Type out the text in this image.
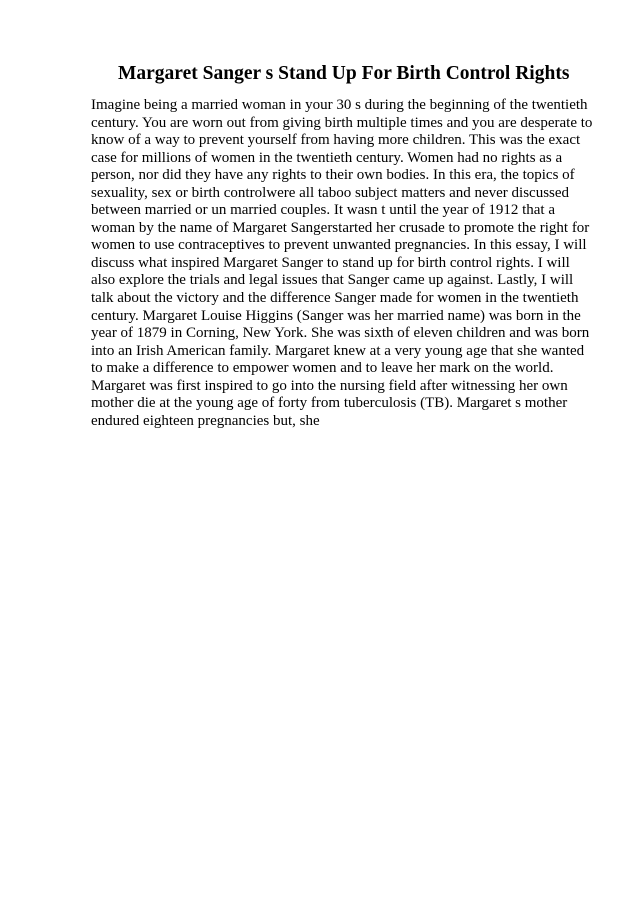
Margaret Sanger s Stand Up For Birth Control Rights
Imagine being a married woman in your 30 s during the beginning of the twentieth
century. You are worn out from giving birth multiple times and you are desperate to
know of a way to prevent yourself from having more children. This was the exact
case for millions of women in the twentieth century. Women had no rights as a
person, nor did they have any rights to their own bodies. In this era, the topics of
sexuality, sex or birth controlwere all taboo subject matters and never discussed
between married or un married couples. It wasn t until the year of 1912 that a
woman by the name of Margaret Sangerstarted her crusade to promote the right for
women to use contraceptives to prevent unwanted pregnancies. In this essay, I will
discuss what inspired Margaret Sanger to stand up for birth control rights. I will
also explore the trials and legal issues that Sanger came up against. Lastly, I will
talk about the victory and the difference Sanger made for women in the twentieth
century. Margaret Louise Higgins (Sanger was her married name) was born in the
year of 1879 in Corning, New York. She was sixth of eleven children and was born
into an Irish American family. Margaret knew at a very young age that she wanted
to make a difference to empower women and to leave her mark on the world.
Margaret was first inspired to go into the nursing field after witnessing her own
mother die at the young age of forty from tuberculosis (TB). Margaret s mother
endured eighteen pregnancies but, she
